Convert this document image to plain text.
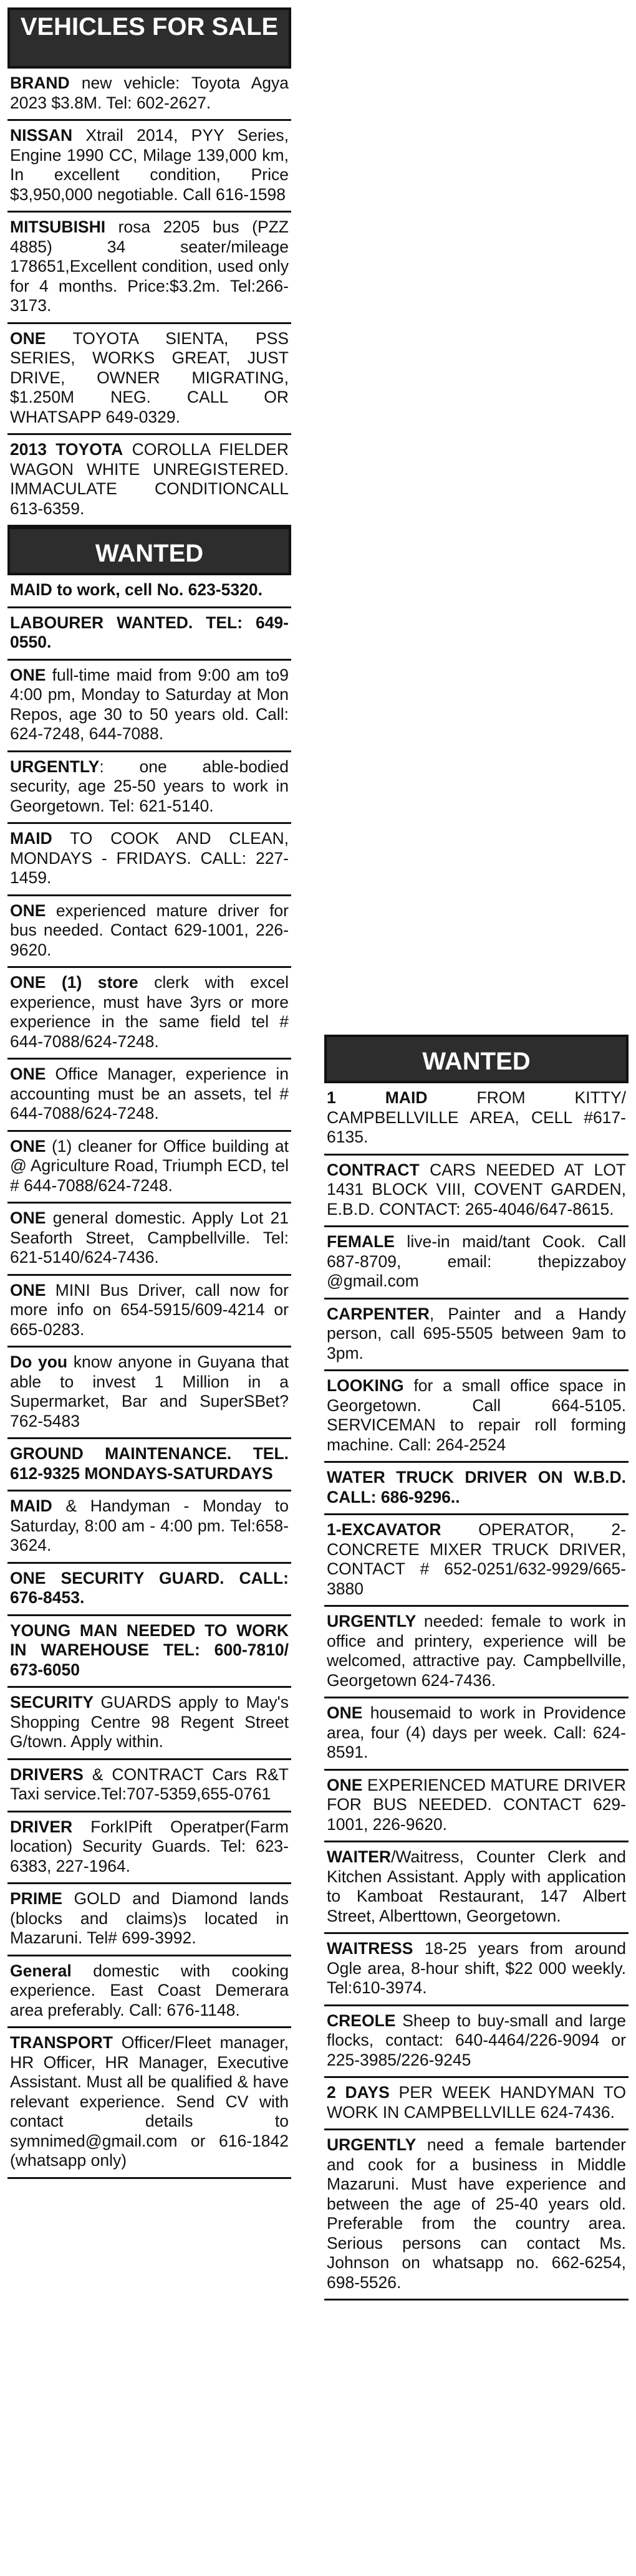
VEHICLES FOR SALE
BRAND new vehicle: Toyota Agya 2023 $3.8M. Tel: 602-2627.
NISSAN Xtrail 2014, PYY Series, Engine 1990 CC, Milage 139,000 km, In excellent condition, Price $3,950,000 negotiable. Call 616-1598
MITSUBISHI rosa 2205 bus (PZZ 4885) 34 seater/mileage 178651,Excellent condition, used only for 4 months. Price:$3.2m. Tel:266-3173.
ONE TOYOTA SIENTA, PSS SERIES, WORKS GREAT, JUST DRIVE, OWNER MIGRATING, $1.250M NEG. CALL OR WHATSAPP 649-0329.
2013 TOYOTA COROLLA FIELDER WAGON WHITE UNREGISTERED. IMMACULATE CONDITIONCALL 613-6359.
WANTED
MAID to work, cell No. 623-5320.
LABOURER WANTED. TEL: 649-0550.
ONE full-time maid from 9:00 am to9 4:00 pm, Monday to Saturday at Mon Repos, age 30 to 50 years old. Call: 624-7248, 644-7088.
URGENTLY: one able-bodied security, age 25-50 years to work in Georgetown. Tel: 621-5140.
MAID TO COOK AND CLEAN, MONDAYS - FRIDAYS. CALL: 227-1459.
ONE experienced mature driver for bus needed. Contact 629-1001, 226-9620.
ONE (1) store clerk with excel experience, must have 3yrs or more experience in the same field tel # 644-7088/624-7248.
ONE Office Manager, experience in accounting must be an assets, tel # 644-7088/624-7248.
ONE (1) cleaner for Office building at @ Agriculture Road, Triumph ECD, tel # 644-7088/624-7248.
ONE general domestic. Apply Lot 21 Seaforth Street, Campbellville. Tel: 621-5140/624-7436.
ONE MINI Bus Driver, call now for more info on 654-5915/609-4214 or 665-0283.
Do you know anyone in Guyana that able to invest 1 Million in a Supermarket, Bar and SuperSBet? 762-5483
GROUND MAINTENANCE. TEL. 612-9325 MONDAYS-SATURDAYS
MAID & Handyman - Monday to Saturday, 8:00 am - 4:00 pm. Tel:658-3624.
ONE SECURITY GUARD. CALL: 676-8453.
YOUNG MAN NEEDED TO WORK IN WAREHOUSE TEL: 600-7810/ 673-6050
SECURITY GUARDS apply to May's Shopping Centre 98 Regent Street G/town. Apply within.
DRIVERS & CONTRACT Cars R&T Taxi service.Tel:707-5359,655-0761
DRIVER ForkIPift Operatper(Farm location) Security Guards. Tel: 623-6383, 227-1964.
PRIME GOLD and Diamond lands (blocks and claims)s located in Mazaruni. Tel# 699-3992.
General domestic with cooking experience. East Coast Demerara area preferably. Call: 676-1148.
TRANSPORT Officer/Fleet manager, HR Officer, HR Manager, Executive Assistant. Must all be qualified & have relevant experience. Send CV with contact details to symnimed@gmail.com or 616-1842 (whatsapp only)
WANTED
1 MAID FROM KITTY/ CAMPBELLVILLE AREA, CELL #617-6135.
CONTRACT CARS NEEDED AT LOT 1431 BLOCK VIII, COVENT GARDEN, E.B.D. CONTACT: 265-4046/647-8615.
FEMALE live-in maid/tant Cook. Call 687-8709, email: thepizzaboy @gmail.com
CARPENTER, Painter and a Handy person, call 695-5505 between 9am to 3pm.
LOOKING for a small office space in Georgetown. Call 664-5105. SERVICEMAN to repair roll forming machine. Call: 264-2524
WATER TRUCK DRIVER ON W.B.D. CALL: 686-9296..
1-EXCAVATOR OPERATOR, 2- CONCRETE MIXER TRUCK DRIVER, CONTACT # 652-0251/632-9929/665-3880
URGENTLY needed: female to work in office and printery, experience will be welcomed, attractive pay. Campbellville, Georgetown 624-7436.
ONE housemaid to work in Providence area, four (4) days per week. Call: 624-8591.
ONE EXPERIENCED MATURE DRIVER FOR BUS NEEDED. CONTACT 629-1001, 226-9620.
WAITER/Waitress, Counter Clerk and Kitchen Assistant. Apply with application to Kamboat Restaurant, 147 Albert Street, Alberttown, Georgetown.
WAITRESS 18-25 years from around Ogle area, 8-hour shift, $22 000 weekly. Tel:610-3974.
CREOLE Sheep to buy-small and large flocks, contact: 640-4464/226-9094 or 225-3985/226-9245
2 DAYS PER WEEK HANDYMAN TO WORK IN CAMPBELLVILLE 624-7436.
URGENTLY need a female bartender and cook for a business in Middle Mazaruni. Must have experience and between the age of 25-40 years old. Preferable from the country area. Serious persons can contact Ms. Johnson on whatsapp no. 662-6254, 698-5526.
